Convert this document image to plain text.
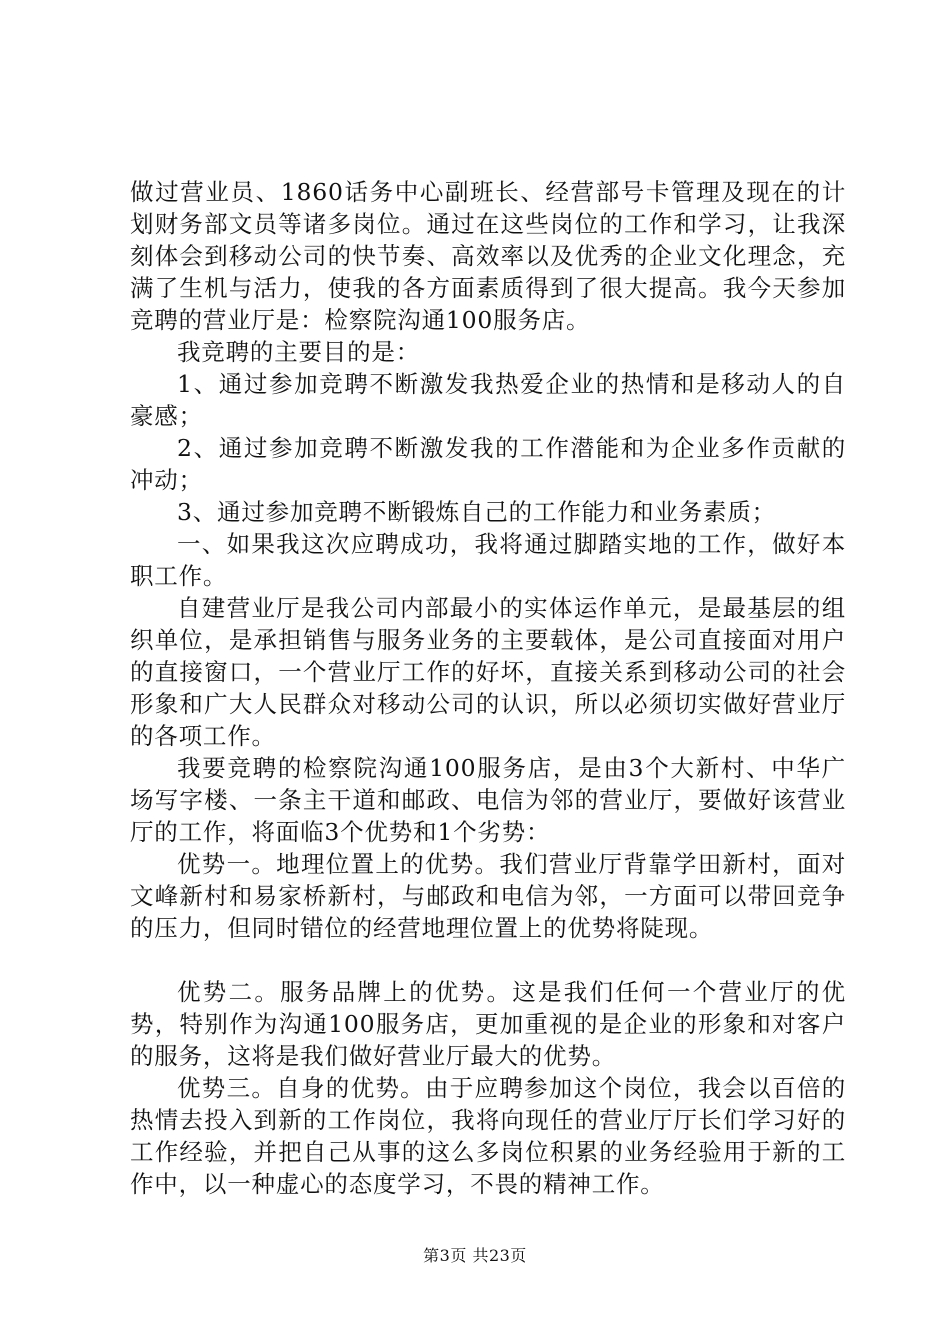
做过营业员、1860话务中心副班长、经营部号卡管理及现在的计划财务部文员等诸多岗位。通过在这些岗位的工作和学习，让我深刻体会到移动公司的快节奏、高效率以及优秀的企业文化理念，充满了生机与活力，使我的各方面素质得到了很大提高。我今天参加竞聘的营业厅是：检察院沟通100服务店。

我竞聘的主要目的是：

1、通过参加竞聘不断激发我热爱企业的热情和是移动人的自豪感；

2、通过参加竞聘不断激发我的工作潜能和为企业多作贡献的冲动；

3、通过参加竞聘不断锻炼自己的工作能力和业务素质；

一、如果我这次应聘成功，我将通过脚踏实地的工作，做好本职工作。

自建营业厅是我公司内部最小的实体运作单元，是最基层的组织单位，是承担销售与服务业务的主要载体，是公司直接面对用户的直接窗口，一个营业厅工作的好坏，直接关系到移动公司的社会形象和广大人民群众对移动公司的认识，所以必须切实做好营业厅的各项工作。

我要竞聘的检察院沟通100服务店，是由3个大新村、中华广场写字楼、一条主干道和邮政、电信为邻的营业厅，要做好该营业厅的工作，将面临3个优势和1个劣势：

优势一。地理位置上的优势。我们营业厅背靠学田新村，面对文峰新村和易家桥新村，与邮政和电信为邻，一方面可以带回竞争的压力，但同时错位的经营地理位置上的优势将陡现。

优势二。服务品牌上的优势。这是我们任何一个营业厅的优势，特别作为沟通100服务店，更加重视的是企业的形象和对客户的服务，这将是我们做好营业厅最大的优势。

优势三。自身的优势。由于应聘参加这个岗位，我会以百倍的热情去投入到新的工作岗位，我将向现任的营业厅厅长们学习好的工作经验，并把自己从事的这么多岗位积累的业务经验用于新的工作中，以一种虚心的态度学习，不畏的精神工作。

第3页 共23页
